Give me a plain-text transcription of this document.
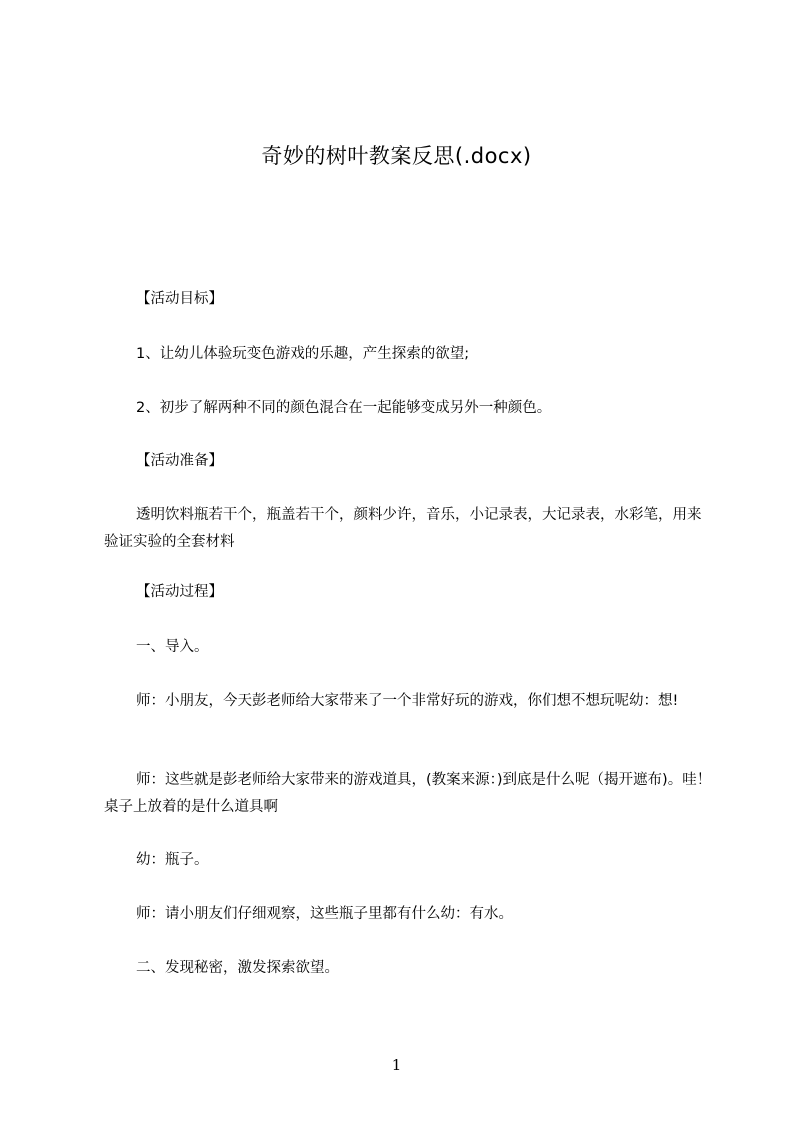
奇妙的树叶教案反思(.docx)
【活动目标】
1、让幼儿体验玩变色游戏的乐趣，产生探索的欲望;
2、初步了解两种不同的颜色混合在一起能够变成另外一种颜色。
【活动准备】
透明饮料瓶若干个，瓶盖若干个，颜料少许，音乐，小记录表，大记录表，水彩笔，用来验证实验的全套材料
【活动过程】
一、导入。
师：小朋友，今天彭老师给大家带来了一个非常好玩的游戏，你们想不想玩呢幼：想!
师：这些就是彭老师给大家带来的游戏道具，(教案来源：)到底是什么呢（揭开遮布)。哇！桌子上放着的是什么道具啊
幼：瓶子。
师：请小朋友们仔细观察，这些瓶子里都有什么幼：有水。
二、发现秘密，激发探索欲望。
1
